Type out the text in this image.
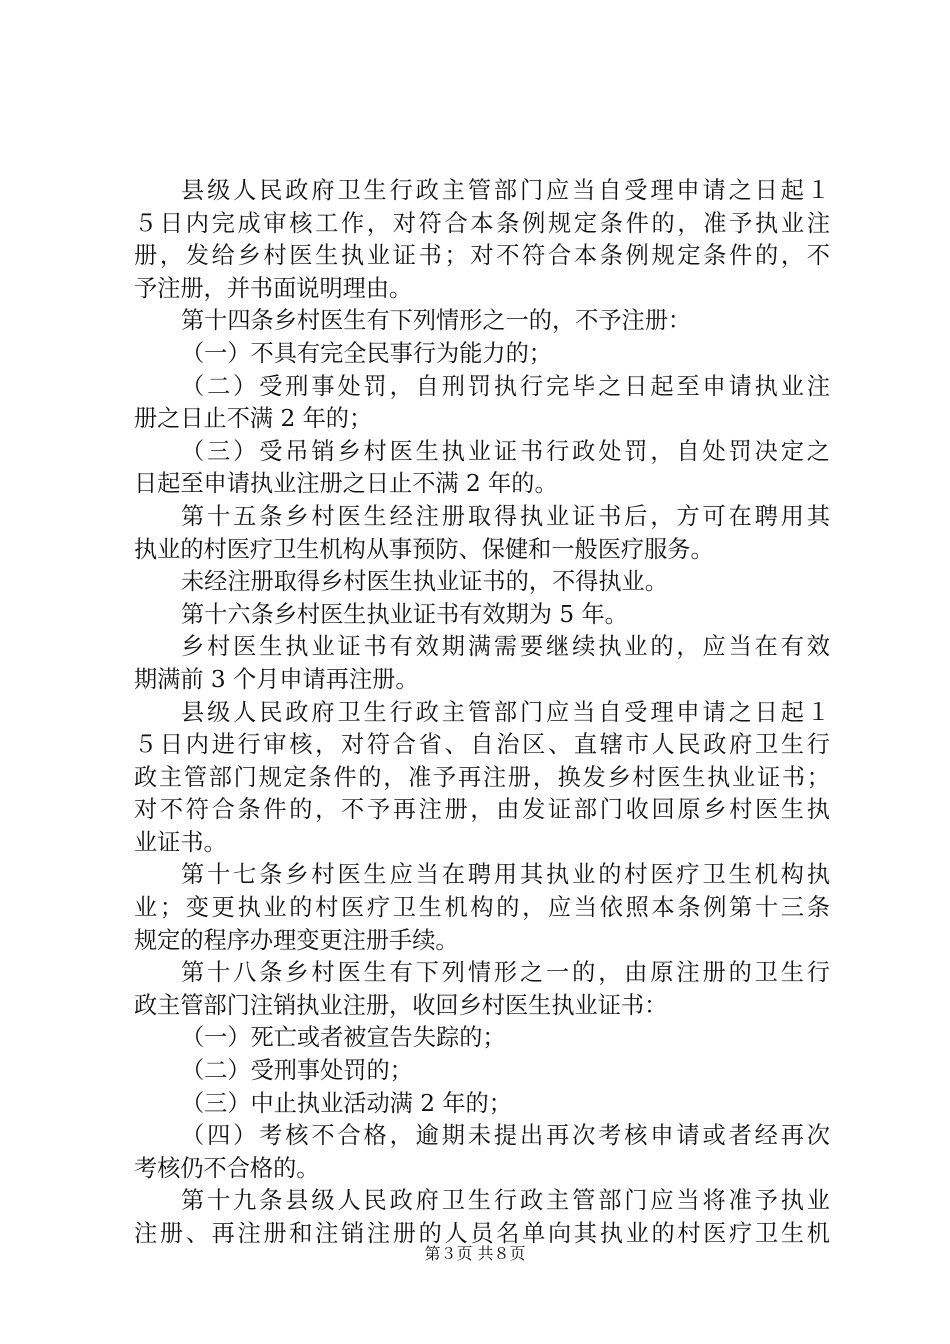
县级人民政府卫生行政主管部门应当自受理申请之日起１
５日内完成审核工作，对符合本条例规定条件的，准予执业注
册，发给乡村医生执业证书；对不符合本条例规定条件的，不
予注册，并书面说明理由。
第十四条乡村医生有下列情形之一的，不予注册：
（一）不具有完全民事行为能力的；
（二）受刑事处罚，自刑罚执行完毕之日起至申请执业注
册之日止不满 2 年的；
（三）受吊销乡村医生执业证书行政处罚，自处罚决定之
日起至申请执业注册之日止不满 2 年的。
第十五条乡村医生经注册取得执业证书后，方可在聘用其
执业的村医疗卫生机构从事预防、保健和一般医疗服务。
未经注册取得乡村医生执业证书的，不得执业。
第十六条乡村医生执业证书有效期为 5 年。
乡村医生执业证书有效期满需要继续执业的，应当在有效
期满前 3 个月申请再注册。
县级人民政府卫生行政主管部门应当自受理申请之日起１
５日内进行审核，对符合省、自治区、直辖市人民政府卫生行
政主管部门规定条件的，准予再注册，换发乡村医生执业证书；
对不符合条件的，不予再注册，由发证部门收回原乡村医生执
业证书。
第十七条乡村医生应当在聘用其执业的村医疗卫生机构执
业；变更执业的村医疗卫生机构的，应当依照本条例第十三条
规定的程序办理变更注册手续。
第十八条乡村医生有下列情形之一的，由原注册的卫生行
政主管部门注销执业注册，收回乡村医生执业证书：
（一）死亡或者被宣告失踪的；
（二）受刑事处罚的；
（三）中止执业活动满 2 年的；
（四）考核不合格，逾期未提出再次考核申请或者经再次
考核仍不合格的。
第十九条县级人民政府卫生行政主管部门应当将准予执业
注册、再注册和注销注册的人员名单向其执业的村医疗卫生机
第３页 共８页
